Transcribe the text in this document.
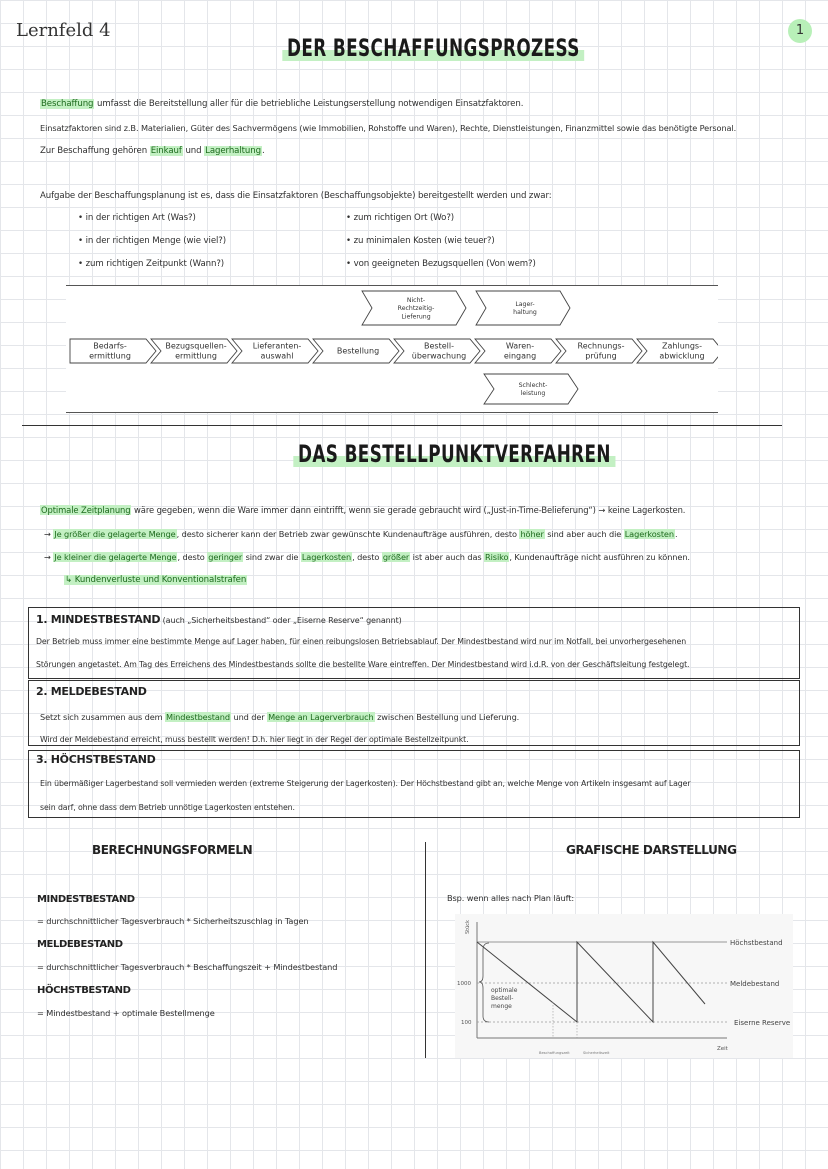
Lernfeld 4	1
DER BESCHAFFUNGSPROZESS
Beschaffung umfasst die Bereitstellung aller für die betriebliche Leistungserstellung notwendigen Einsatzfaktoren.
Einsatzfaktoren sind z.B. Materialien, Güter des Sachvermögens (wie Immobilien, Rohstoffe und Waren), Rechte, Dienstleistungen, Finanzmittel sowie das benötigte Personal.
Zur Beschaffung gehören Einkauf und Lagerhaltung.
Aufgabe der Beschaffungsplanung ist es, dass die Einsatzfaktoren (Beschaffungsobjekte) bereitgestellt werden und zwar:
• in der richtigen Art (Was?)
• in der richtigen Menge (wie viel?)
• zum richtigen Zeitpunkt (Wann?)
• zum richtigen Ort (Wo?)
• zu minimalen Kosten (wie teuer?)
• von geeigneten Bezugsquellen (Von wem?)
Bedarfs-
ermittlung
Bezugsquellen-
ermittlung
Lieferanten-
auswahl
Bestellung
Bestell-
überwachung
Waren-
eingang
Rechnungs-
prüfung
Zahlungs-
abwicklung
Nicht-
Rechtzeitig-
Lieferung
Lager-
haltung
Schlecht-
leistung
DAS BESTELLPUNKTVERFAHREN
Optimale Zeitplanung wäre gegeben, wenn die Ware immer dann eintrifft, wenn sie gerade gebraucht wird („Just-in-Time-Belieferung“) → keine Lagerkosten.
→ Je größer die gelagerte Menge, desto sicherer kann der Betrieb zwar gewünschte Kundenaufträge ausführen, desto höher sind aber auch die Lagerkosten.
→ Je kleiner die gelagerte Menge, desto geringer sind zwar die Lagerkosten, desto größer ist aber auch das Risiko, Kundenaufträge nicht ausführen zu können.
↳ Kundenverluste und Konventionalstrafen
1. MINDESTBESTAND (auch „Sicherheitsbestand“ oder „Eiserne Reserve“ genannt)
Der Betrieb muss immer eine bestimmte Menge auf Lager haben, für einen reibungslosen Betriebsablauf. Der Mindestbestand wird nur im Notfall, bei unvorhergesehenen
Störungen angetastet. Am Tag des Erreichens des Mindestbestands sollte die bestellte Ware eintreffen. Der Mindestbestand wird i.d.R. von der Geschäftsleitung festgelegt.
2. MELDEBESTAND
Setzt sich zusammen aus dem Mindestbestand und der Menge an Lagerverbrauch zwischen Bestellung und Lieferung.
Wird der Meldebestand erreicht, muss bestellt werden! D.h. hier liegt in der Regel der optimale Bestellzeitpunkt.
3. HÖCHSTBESTAND
Ein übermäßiger Lagerbestand soll vermieden werden (extreme Steigerung der Lagerkosten). Der Höchstbestand gibt an, welche Menge von Artikeln insgesamt auf Lager
sein darf, ohne dass dem Betrieb unnötige Lagerkosten entstehen.
BERECHNUNGSFORMELN
MINDESTBESTAND
= durchschnittlicher Tagesverbrauch * Sicherheitszuschlag in Tagen
MELDEBESTAND
= durchschnittlicher Tagesverbrauch * Beschaffungszeit + Mindestbestand
HÖCHSTBESTAND
= Mindestbestand + optimale Bestellmenge
GRAFISCHE DARSTELLUNG
Bsp. wenn alles nach Plan läuft:
Stück
Zeit
Höchstbestand
Meldebestand
Eiserne Reserve
1000
100
optimale
Bestell-
menge
Beschaffungszeit	Sicherheitszeit
